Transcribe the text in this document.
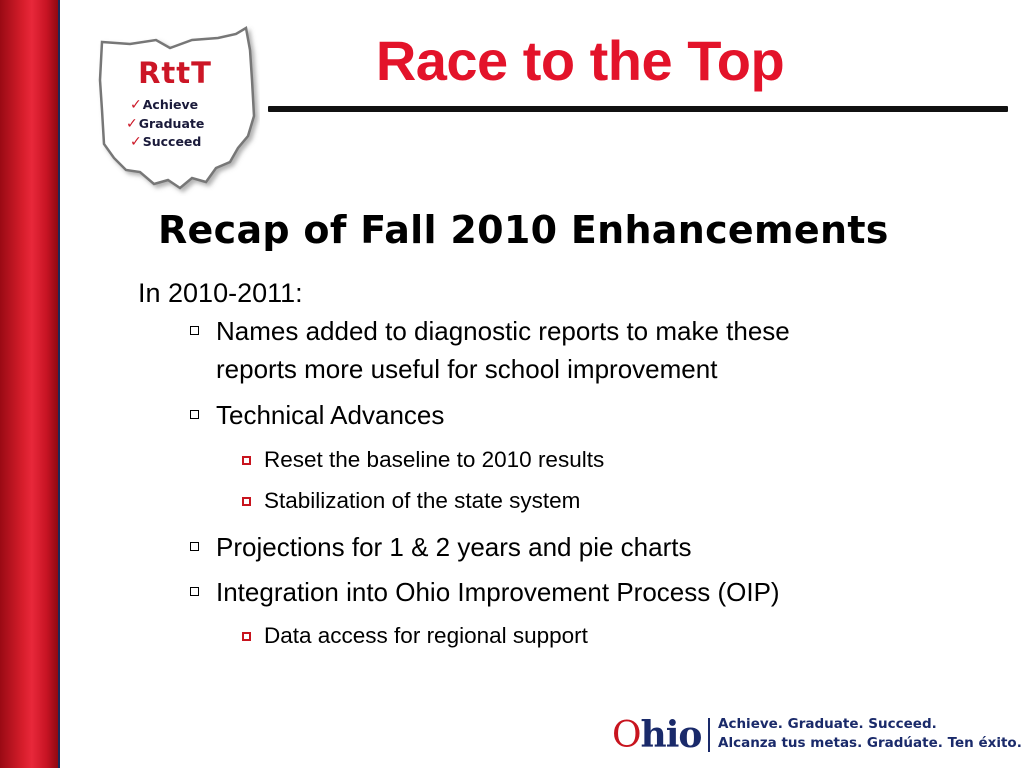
RttT
✓Achieve
✓Graduate
✓Succeed
Race to the Top
Recap of Fall 2010 Enhancements
In 2010-2011:
Names added to diagnostic reports to make these
reports more useful for school improvement
Technical Advances
Reset the baseline to 2010 results
Stabilization of the state system
Projections for 1 & 2 years and pie charts
Integration into Ohio Improvement Process (OIP)
Data access for regional support
Ohio Achieve. Graduate. Succeed.
Alcanza tus metas. Gradúate. Ten éxito.
